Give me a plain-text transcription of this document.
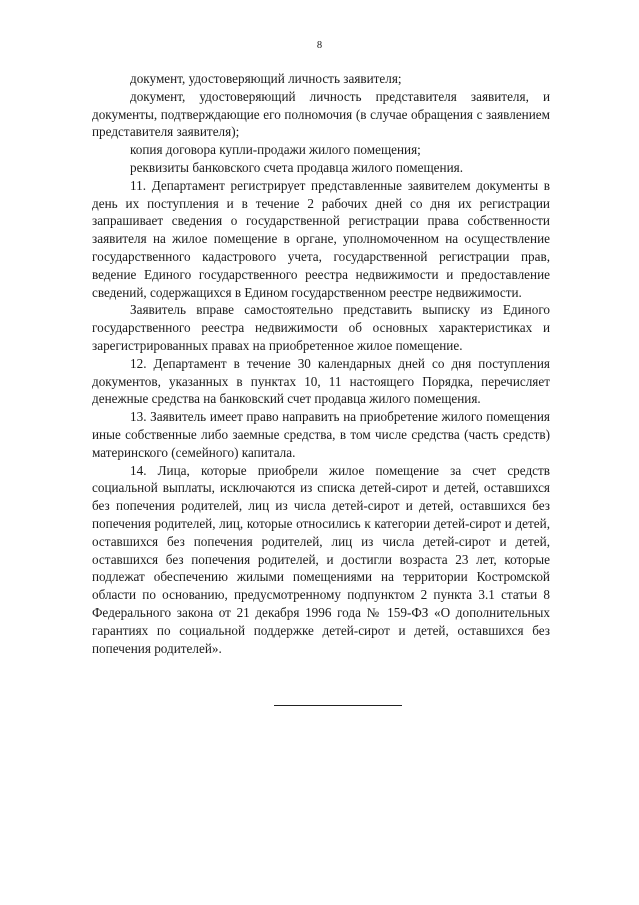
8

документ, удостоверяющий личность заявителя;

документ, удостоверяющий личность представителя заявителя, и документы, подтверждающие его полномочия (в случае обращения с заявлением представителя заявителя);

копия договора купли-продажи жилого помещения;

реквизиты банковского счета продавца жилого помещения.

11. Департамент регистрирует представленные заявителем документы в день их поступления и в течение 2 рабочих дней со дня их регистрации запрашивает сведения о государственной регистрации права собственности заявителя на жилое помещение в органе, уполномоченном на осуществление государственного кадастрового учета, государственной регистрации прав, ведение Единого государственного реестра недвижимости и предоставление сведений, содержащихся в Едином государственном реестре недвижимости.

Заявитель вправе самостоятельно представить выписку из Единого государственного реестра недвижимости об основных характеристиках и зарегистрированных правах на приобретенное жилое помещение.

12. Департамент в течение 30 календарных дней со дня поступления документов, указанных в пунктах 10, 11 настоящего Порядка, перечисляет денежные средства на банковский счет продавца жилого помещения.

13. Заявитель имеет право направить на приобретение жилого помещения иные собственные либо заемные средства, в том числе средства (часть средств) материнского (семейного) капитала.

14. Лица, которые приобрели жилое помещение за счет средств социальной выплаты, исключаются из списка детей-сирот и детей, оставшихся без попечения родителей, лиц из числа детей-сирот и детей, оставшихся без попечения родителей, лиц, которые относились к категории детей-сирот и детей, оставшихся без попечения родителей, лиц из числа детей-сирот и детей, оставшихся без попечения родителей, и достигли возраста 23 лет, которые подлежат обеспечению жилыми помещениями на территории Костромской области по основанию, предусмотренному подпунктом 2 пункта 3.1 статьи 8 Федерального закона от 21 декабря 1996 года № 159-ФЗ «О дополнительных гарантиях по социальной поддержке детей-сирот и детей, оставшихся без попечения родителей».
